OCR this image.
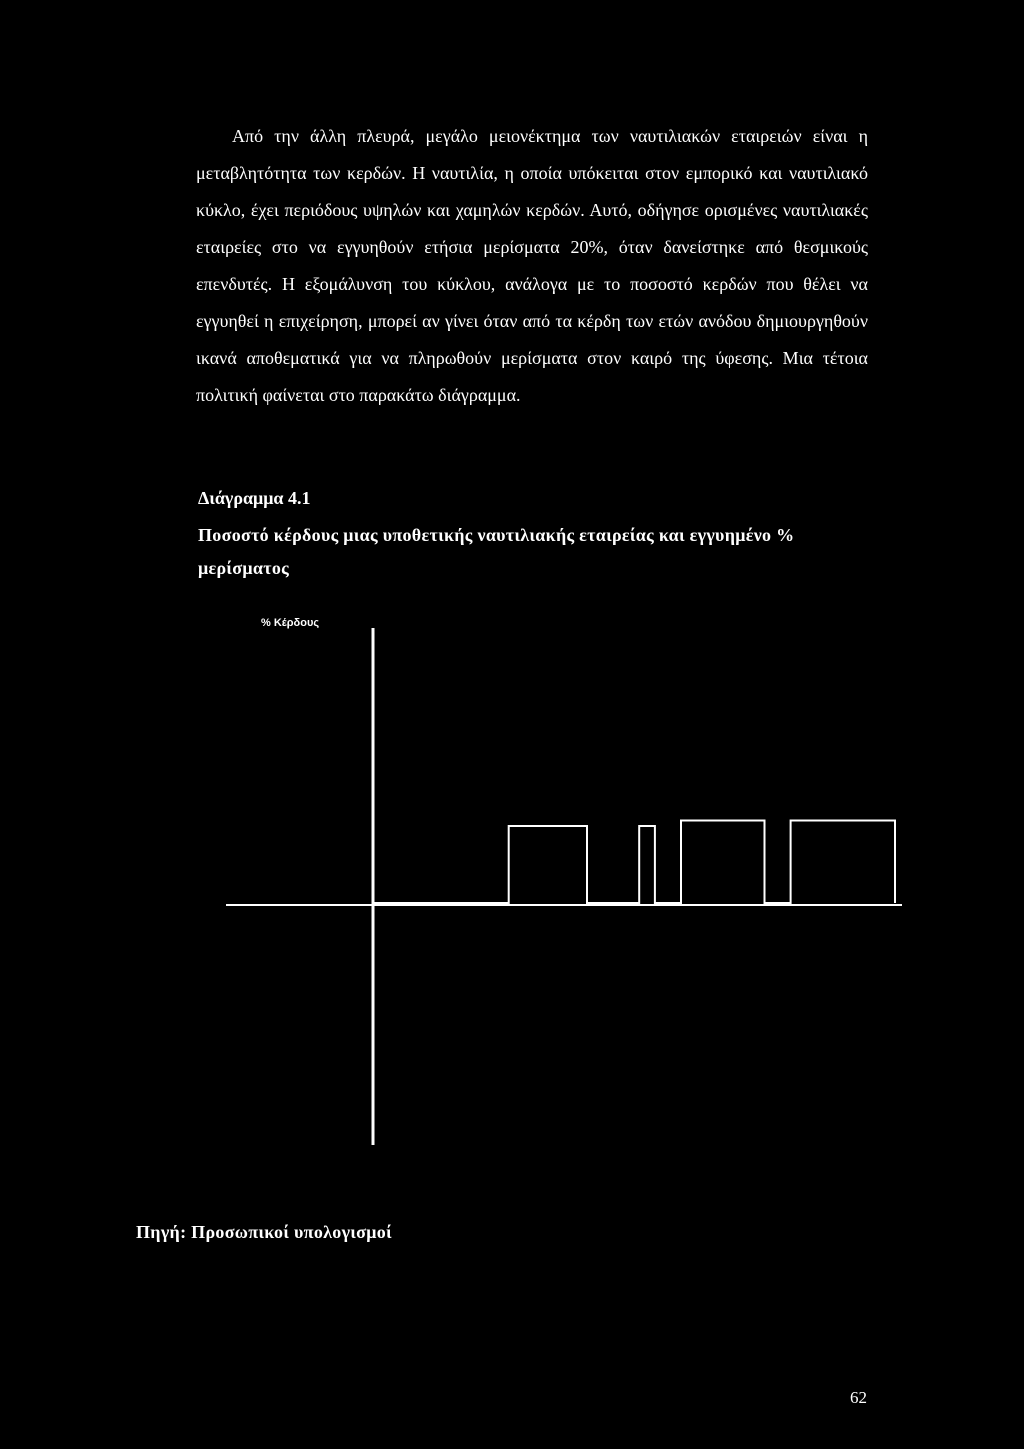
Από την άλλη πλευρά, μεγάλο μειονέκτημα των ναυτιλιακών εταιρειών είναι η μεταβλητότητα των κερδών. Η ναυτιλία, η οποία υπόκειται στον εμπορικό και ναυτιλιακό κύκλο, έχει περιόδους υψηλών και χαμηλών κερδών. Αυτό, οδήγησε ορισμένες ναυτιλιακές εταιρείες στο να εγγυηθούν ετήσια μερίσματα 20%, όταν δανείστηκε από θεσμικούς επενδυτές. Η εξομάλυνση του κύκλου, ανάλογα με το ποσοστό κερδών που θέλει να εγγυηθεί η επιχείρηση, μπορεί αν γίνει όταν από τα κέρδη των ετών ανόδου δημιουργηθούν ικανά αποθεματικά για να πληρωθούν μερίσματα στον καιρό της ύφεσης. Μια τέτοια πολιτική φαίνεται στο παρακάτω διάγραμμα.

Διάγραμμα 4.1

Ποσοστό κέρδους μιας υποθετικής ναυτιλιακής εταιρείας και εγγυημένο % μερίσματος

% Κέρδους

Πηγή: Προσωπικοί υπολογισμοί

62
